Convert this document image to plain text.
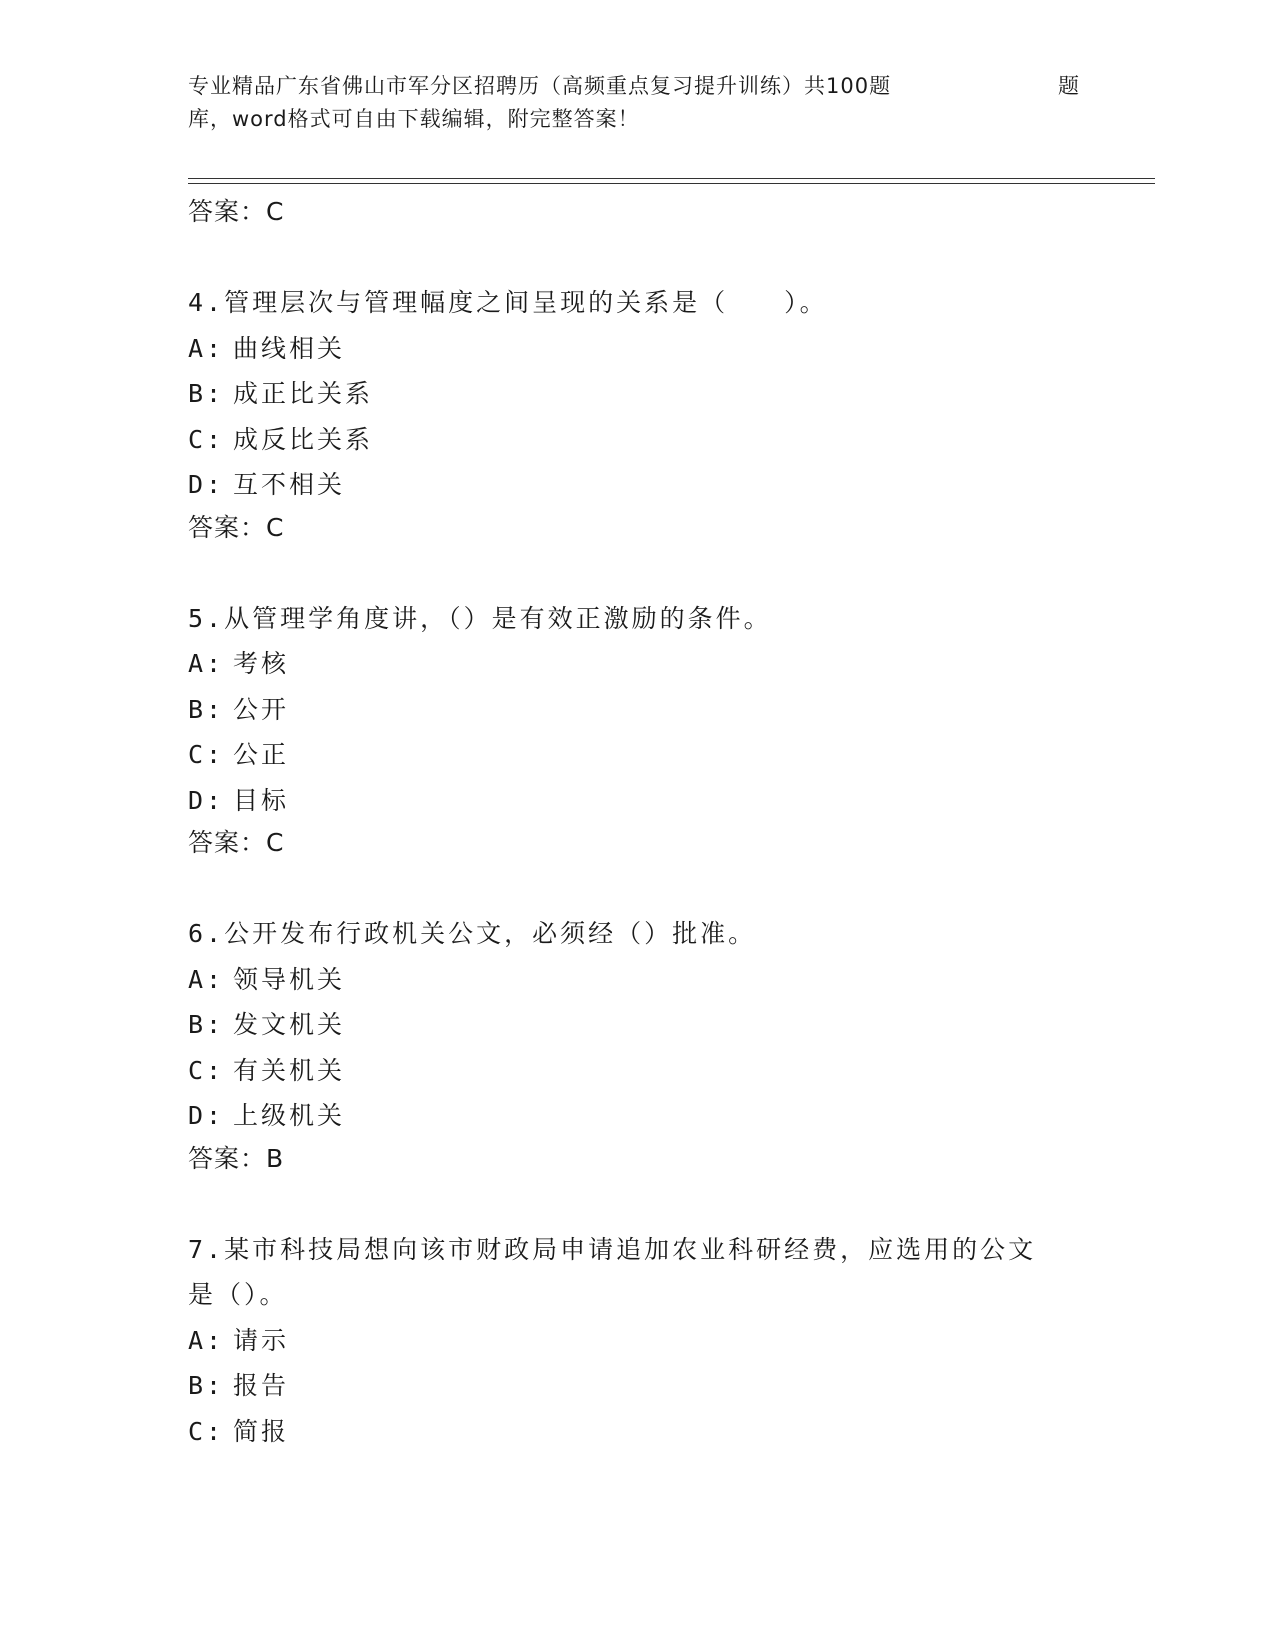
专业精品广东省佛山市军分区招聘历（高频重点复习提升训练）共100题	题
库，word格式可自由下载编辑，附完整答案！
答案：C
4.管理层次与管理幅度之间呈现的关系是（　　）。
A: 曲线相关
B: 成正比关系
C: 成反比关系
D: 互不相关
答案：C
5.从管理学角度讲，（）是有效正激励的条件。
A: 考核
B: 公开
C: 公正
D: 目标
答案：C
6.公开发布行政机关公文，必须经（）批准。
A: 领导机关
B: 发文机关
C: 有关机关
D: 上级机关
答案：B
7.某市科技局想向该市财政局申请追加农业科研经费，应选用的公文
是（）。
A: 请示
B: 报告
C: 简报
